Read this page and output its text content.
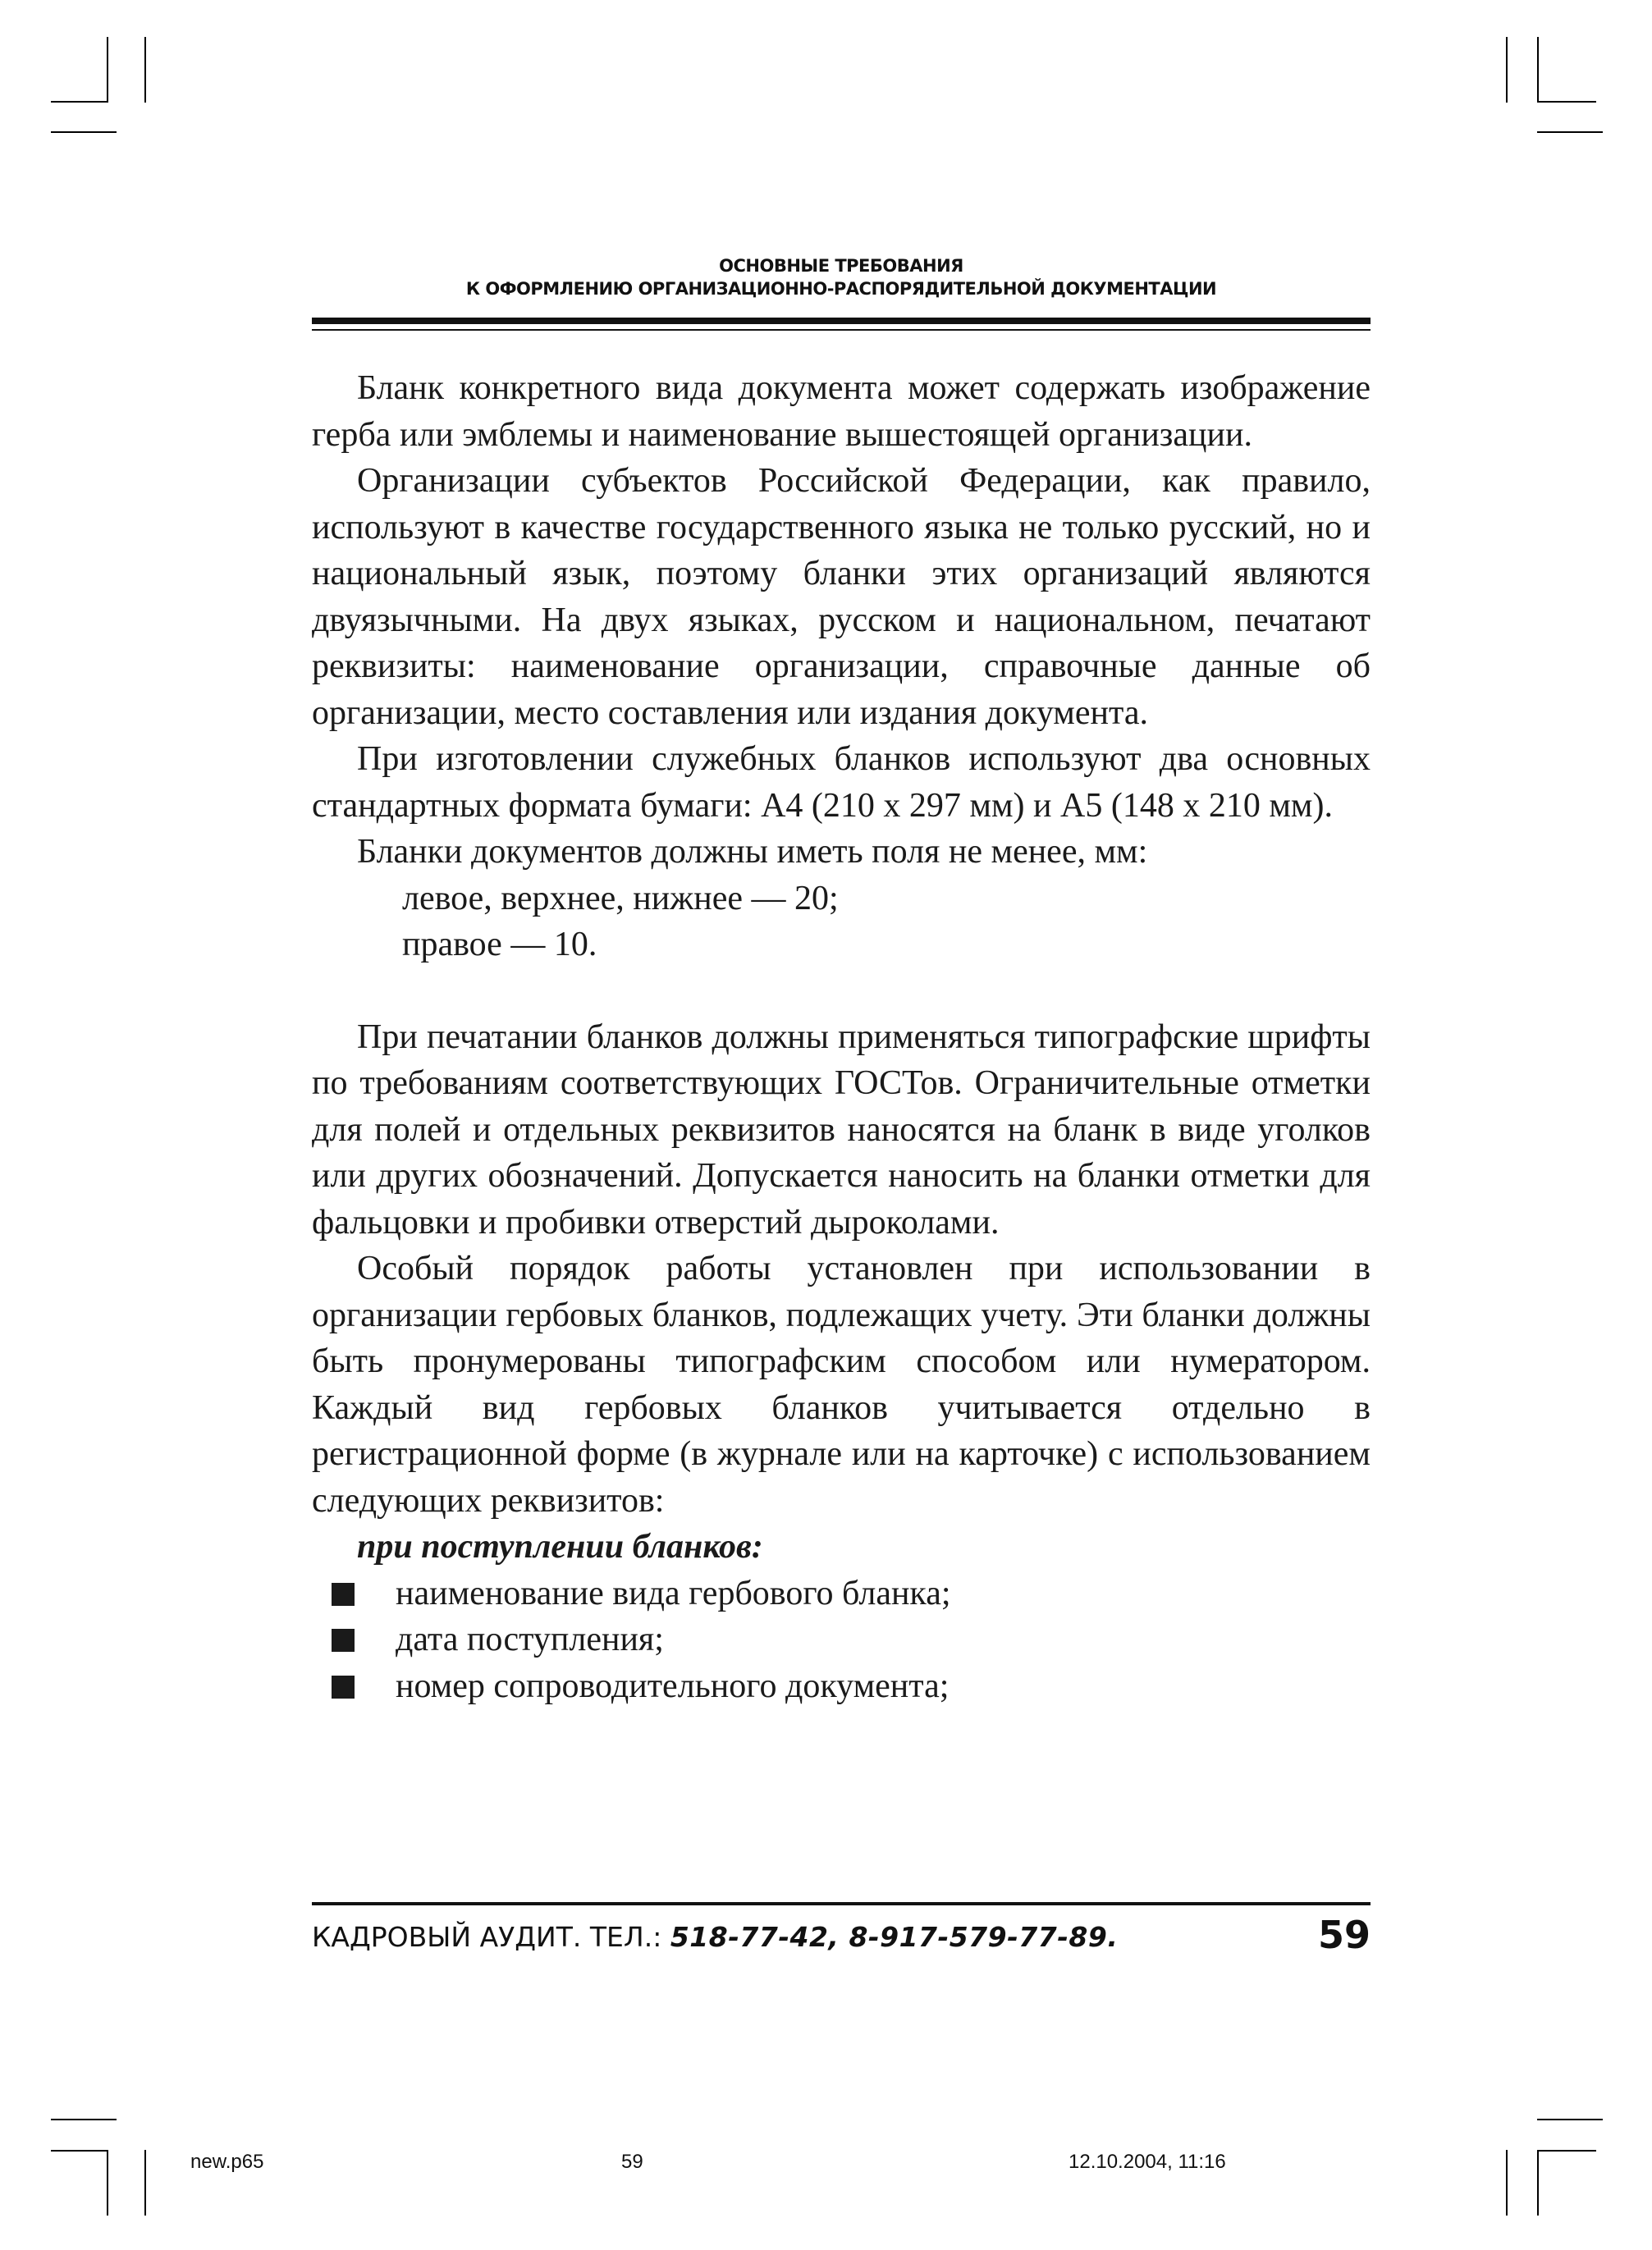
ОСНОВНЫЕ ТРЕБОВАНИЯ
К ОФОРМЛЕНИЮ ОРГАНИЗАЦИОННО-РАСПОРЯДИТЕЛЬНОЙ ДОКУМЕНТАЦИИ

Бланк конкретного вида документа может содержать изображение герба или эмблемы и наименование вышестоящей организации.

Организации субъектов Российской Федерации, как правило, используют в качестве государственного языка не только русский, но и национальный язык, поэтому бланки этих организаций являются двуязычными. На двух языках, русском и национальном, печатают реквизиты: наименование организации, справочные данные об организации, место составления или издания документа.

При изготовлении служебных бланков используют два основных стандартных формата бумаги: А4 (210 х 297 мм) и А5 (148 х 210 мм).

Бланки документов должны иметь поля не менее, мм:

левое, верхнее, нижнее — 20;

правое — 10.

При печатании бланков должны применяться типографские шрифты по требованиям соответствующих ГОСТов. Ограничительные отметки для полей и отдельных реквизитов наносятся на бланк в виде уголков или других обозначений. Допускается наносить на бланки отметки для фальцовки и пробивки отверстий дыроколами.

Особый порядок работы установлен при использовании в организации гербовых бланков, подлежащих учету. Эти бланки должны быть пронумерованы типографским способом или нумератором. Каждый вид гербовых бланков учитывается отдельно в регистрационной форме (в журнале или на карточке) с использованием следующих реквизитов:

при поступлении бланков:

наименование вида гербового бланка;
дата поступления;
номер сопроводительного документа;
КАДРОВЫЙ АУДИТ. ТЕЛ.: 518-77-42, 8-917-579-77-89.	59
new.p65	59	12.10.2004, 11:16
